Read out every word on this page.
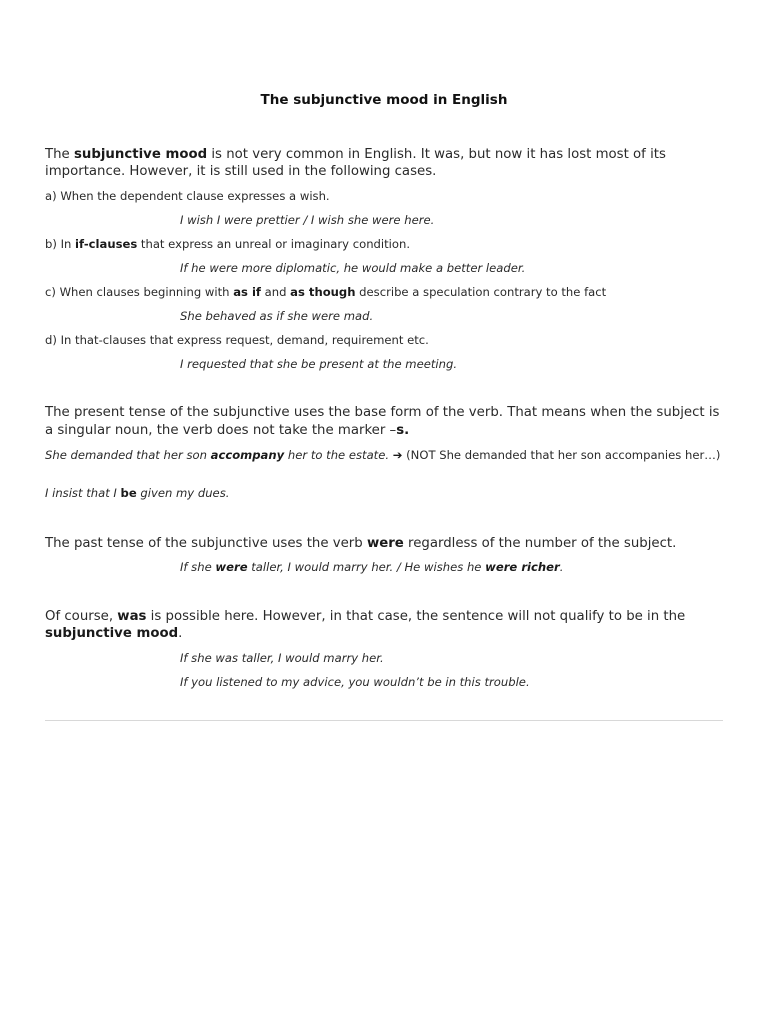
The subjunctive mood in English
The subjunctive mood is not very common in English. It was, but now it has lost most of its importance. However, it is still used in the following cases.
a) When the dependent clause expresses a wish.
I wish I were prettier / I wish she were here.
b) In if-clauses that express an unreal or imaginary condition.
If he were more diplomatic, he would make a better leader.
c) When clauses beginning with as if and as though describe a speculation contrary to the fact
She behaved as if she were mad.
d) In that-clauses that express request, demand, requirement etc.
I requested that she be present at the meeting.
The present tense of the subjunctive uses the base form of the verb. That means when the subject is a singular noun, the verb does not take the marker –s.
She demanded that her son accompany her to the estate. ➔ (NOT She demanded that her son accompanies her…)
I insist that I be given my dues.
The past tense of the subjunctive uses the verb were regardless of the number of the subject.
If she were taller, I would marry her. / He wishes he were richer.
Of course, was is possible here. However, in that case, the sentence will not qualify to be in the subjunctive mood.
If she was taller, I would marry her.
If you listened to my advice, you wouldn’t be in this trouble.
